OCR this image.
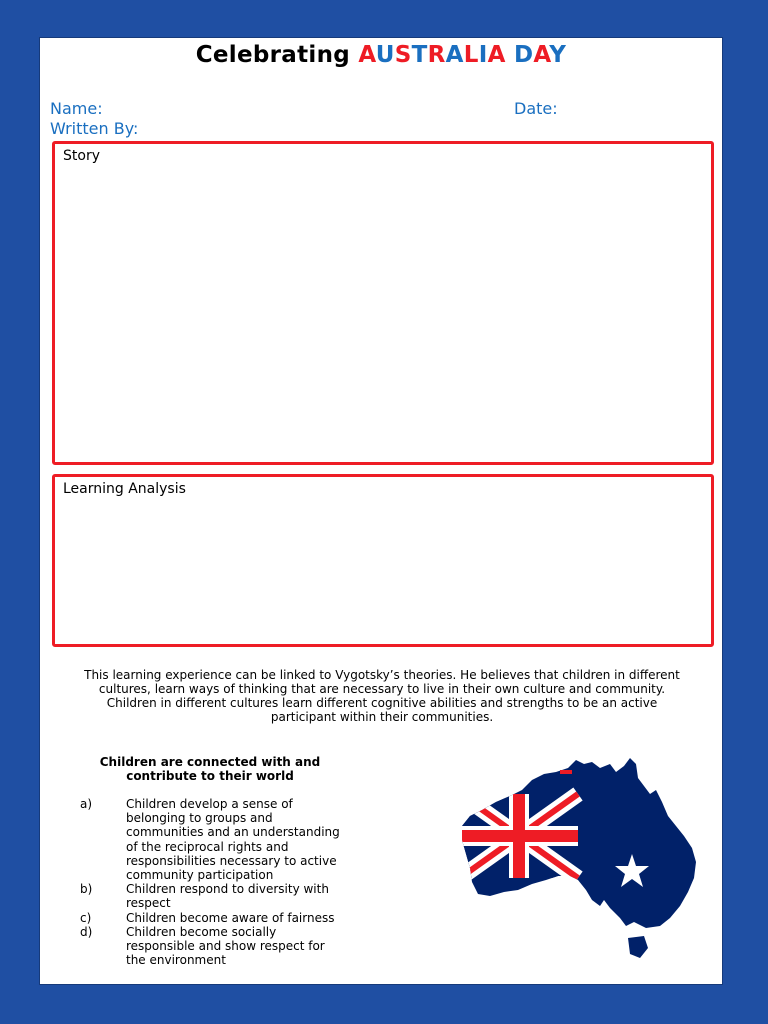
Celebrating AUSTRALIA DAY
Name:	Date:
Written By:
Story
Learning Analysis
This learning experience can be linked to Vygotsky’s theories. He believes that children in different cultures, learn ways of thinking that are necessary to live in their own culture and community. Children in different cultures learn different cognitive abilities and strengths to be an active participant within their communities.
Children are connected with and contribute to their world
a)	Children develop a sense of belonging to groups and communities and an understanding of the reciprocal rights and responsibilities necessary to active community participation
b)	Children respond to diversity with respect
c)	Children become aware of fairness
d)	Children become socially responsible and show respect for the environment
